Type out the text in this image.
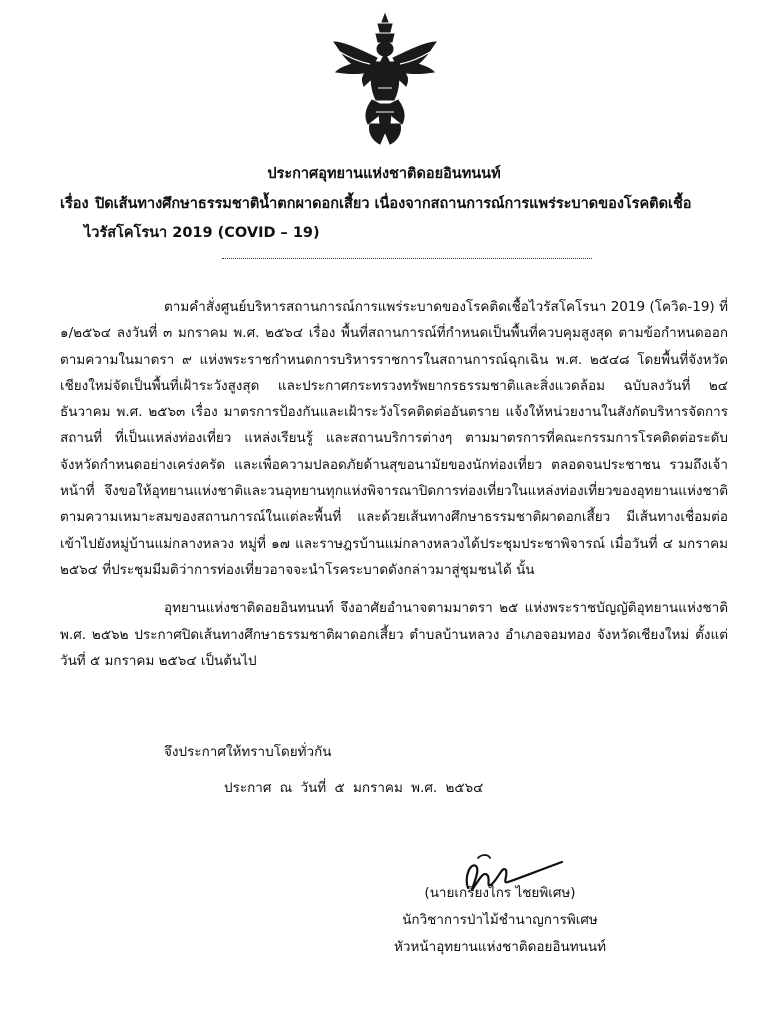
ประกาศอุทยานแห่งชาติดอยอินทนนท์
เรื่อง ปิดเส้นทางศึกษาธรรมชาติน้ำตกผาดอกเสี้ยว เนื่องจากสถานการณ์การแพร่ระบาดของโรคติดเชื้อ
ไวรัสโคโรนา 2019 (COVID – 19)

ตามคำสั่งศูนย์บริหารสถานการณ์การแพร่ระบาดของโรคติดเชื้อไวรัสโคโรนา 2019 (โควิด-19) ที่ ๑/๒๕๖๔ ลงวันที่ ๓ มกราคม พ.ศ. ๒๕๖๔ เรื่อง พื้นที่สถานการณ์ที่กำหนดเป็นพื้นที่ควบคุมสูงสุด ตามข้อกำหนดออกตามความในมาตรา ๙ แห่งพระราชกำหนดการบริหารราชการในสถานการณ์ฉุกเฉิน พ.ศ. ๒๕๔๘ โดยพื้นที่จังหวัดเชียงใหม่จัดเป็นพื้นที่เฝ้าระวังสูงสุด และประกาศกระทรวงทรัพยากรธรรมชาติและสิ่งแวดล้อม ฉบับลงวันที่ ๒๔ ธันวาคม พ.ศ. ๒๕๖๓ เรื่อง มาตรการป้องกันและเฝ้าระวังโรคติดต่ออันตราย แจ้งให้หน่วยงานในสังกัดบริหารจัดการสถานที่ ที่เป็นแหล่งท่องเที่ยว แหล่งเรียนรู้ และสถานบริการต่างๆ ตามมาตรการที่คณะกรรมการโรคติดต่อระดับจังหวัดกำหนดอย่างเคร่งครัด และเพื่อความปลอดภัยด้านสุขอนามัยของนักท่องเที่ยว ตลอดจนประชาชน รวมถึงเจ้าหน้าที่ จึงขอให้อุทยานแห่งชาติและวนอุทยานทุกแห่งพิจารณาปิดการท่องเที่ยวในแหล่งท่องเที่ยวของอุทยานแห่งชาติ ตามความเหมาะสมของสถานการณ์ในแต่ละพื้นที่ และด้วยเส้นทางศึกษาธรรมชาติผาดอกเสี้ยว มีเส้นทางเชื่อมต่อเข้าไปยังหมู่บ้านแม่กลางหลวง หมู่ที่ ๑๗ และราษฎรบ้านแม่กลางหลวงได้ประชุมประชาพิจารณ์ เมื่อวันที่ ๔ มกราคม ๒๕๖๔ ที่ประชุมมีมติว่าการท่องเที่ยวอาจจะนำโรคระบาดดังกล่าวมาสู่ชุมชนได้ นั้น

อุทยานแห่งชาติดอยอินทนนท์ จึงอาศัยอำนาจตามมาตรา ๒๕ แห่งพระราชบัญญัติอุทยานแห่งชาติ พ.ศ. ๒๕๖๒ ประกาศปิดเส้นทางศึกษาธรรมชาติผาดอกเสี้ยว ตำบลบ้านหลวง อำเภอจอมทอง จังหวัดเชียงใหม่ ตั้งแต่วันที่ ๕ มกราคม ๒๕๖๔ เป็นต้นไป

จึงประกาศให้ทราบโดยทั่วกัน
ประกาศ ณ วันที่ ๕ มกราคม พ.ศ. ๒๕๖๔
(นายเกรียงไกร ไชยพิเศษ)
นักวิชาการป่าไม้ชำนาญการพิเศษ
หัวหน้าอุทยานแห่งชาติดอยอินทนนท์
